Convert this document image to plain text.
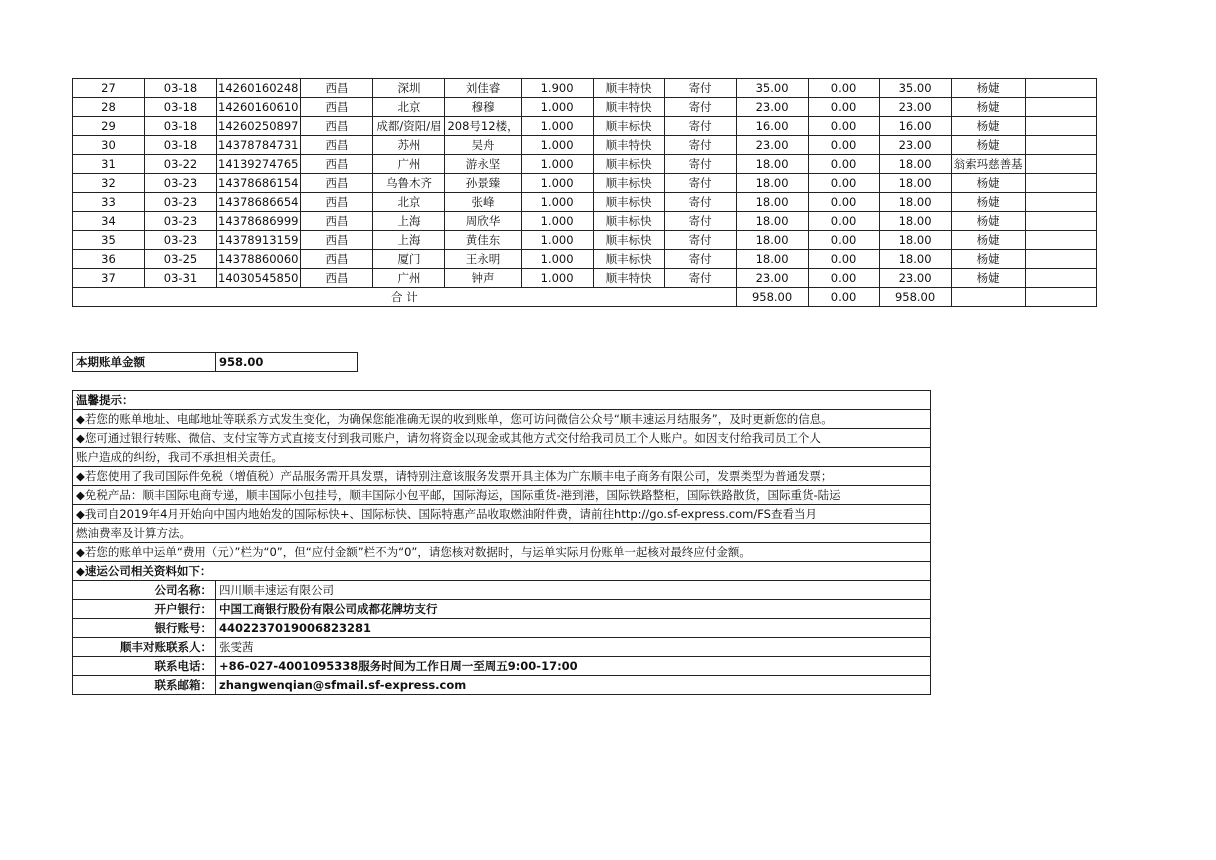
27	03-18	14260160248	西昌	深圳	刘佳睿	1.900	顺丰特快	寄付	35.00	0.00	35.00	杨婕	
28	03-18	14260160610	西昌	北京	穆穆	1.000	顺丰特快	寄付	23.00	0.00	23.00	杨婕	
29	03-18	14260250897	西昌	成都/资阳/眉	208号12楼，	1.000	顺丰标快	寄付	16.00	0.00	16.00	杨婕	
30	03-18	14378784731	西昌	苏州	吴舟	1.000	顺丰特快	寄付	23.00	0.00	23.00	杨婕	
31	03-22	14139274765	西昌	广州	游永坚	1.000	顺丰标快	寄付	18.00	0.00	18.00	翁索玛慈善基	
32	03-23	14378686154	西昌	乌鲁木齐	孙景臻	1.000	顺丰标快	寄付	18.00	0.00	18.00	杨婕	
33	03-23	14378686654	西昌	北京	张峰	1.000	顺丰标快	寄付	18.00	0.00	18.00	杨婕	
34	03-23	14378686999	西昌	上海	周欣华	1.000	顺丰标快	寄付	18.00	0.00	18.00	杨婕	
35	03-23	14378913159	西昌	上海	黄佳东	1.000	顺丰标快	寄付	18.00	0.00	18.00	杨婕	
36	03-25	14378860060	西昌	厦门	王永明	1.000	顺丰标快	寄付	18.00	0.00	18.00	杨婕	
37	03-31	14030545850	西昌	广州	钟声	1.000	顺丰特快	寄付	23.00	0.00	23.00	杨婕	
合 计									958.00	0.00	958.00		
本期账单金额	958.00
温馨提示：	
◆若您的账单地址、电邮地址等联系方式发生变化，为确保您能准确无误的收到账单，您可访问微信公众号“顺丰速运月结服务”，及时更新您的信息。	
◆您可通过银行转账、微信、支付宝等方式直接支付到我司账户，请勿将资金以现金或其他方式交付给我司员工个人账户。如因支付给我司员工个人	
账户造成的纠纷，我司不承担相关责任。	
◆若您使用了我司国际件免税（增值税）产品服务需开具发票，请特别注意该服务发票开具主体为广东顺丰电子商务有限公司，发票类型为普通发票；	
◆免税产品：顺丰国际电商专递，顺丰国际小包挂号，顺丰国际小包平邮，国际海运，国际重货-港到港，国际铁路整柜，国际铁路散货，国际重货-陆运	
◆我司自2019年4月开始向中国内地始发的国际标快+、国际标快、国际特惠产品收取燃油附件费，请前往http://go.sf-express.com/FS查看当月	
燃油费率及计算方法。	
◆若您的账单中运单“费用（元）”栏为“0”，但“应付金额”栏不为“0”，请您核对数据时，与运单实际月份账单一起核对最终应付金额。	
◆速运公司相关资料如下：	
公司名称：	四川顺丰速运有限公司
开户银行：	中国工商银行股份有限公司成都花牌坊支行
银行账号：	4402237019006823281
顺丰对账联系人：	张雯茜
联系电话：	+86-027-4001095338服务时间为工作日周一至周五9:00-17:00
联系邮箱：	zhangwenqian@sfmail.sf-express.com
